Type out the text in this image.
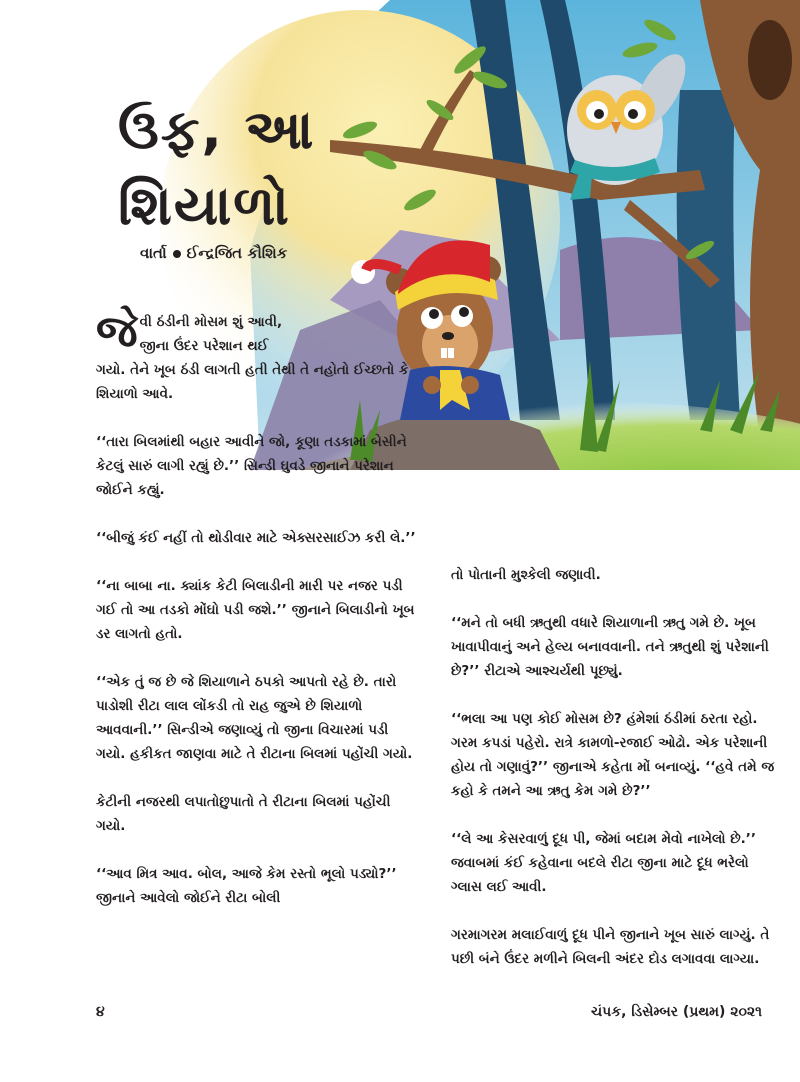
ઉફ, આ
શિયાળો
વાર્તા ઈન્દ્રજિત કૌશિક

જેવી ઠંડીની મોસમ શું આવી,

જીના ઉંદર પરેશાન થઈ
ગયો. તેને ખૂબ ઠંડી લાગતી હતી તેથી તે નહોતો ઈચ્છતો કે શિયાળો આવે.

‘‘તારા બિલમાંથી બહાર આવીને જો, કૂણા તડકામાં બેસીને કેટલું સારું લાગી રહ્યું છે.’’ સિન્ડી ઘુવડે જીનાને પરેશાન જોઈને કહ્યું.

‘‘બીજું કંઈ નહીં તો થોડીવાર માટે એક્સરસાઈઝ કરી લે.’’

‘‘ના બાબા ના. ક્યાંક કેટી બિલાડીની મારી પર નજર પડી ગઈ તો આ તડકો મોંઘો પડી જશે.’’ જીનાને બિલાડીનો ખૂબ ડર લાગતો હતો.

‘‘એક તું જ છે જે શિયાળાને ઠપકો આપતો રહે છે. તારો પાડોશી રીટા લાલ લોંકડી તો રાહ જુએ છે શિયાળો આવવાની.’’ સિન્ડીએ જણાવ્યું તો જીના વિચારમાં પડી ગયો. હકીકત જાણવા માટે તે રીટાના બિલમાં પહોંચી ગયો.

કેટીની નજરથી લપાતોછુપાતો તે રીટાના બિલમાં પહોંચી ગયો.

‘‘આવ મિત્ર આવ. બોલ, આજે કેમ રસ્તો ભૂલો પડ્યો?’’ જીનાને આવેલો જોઈને રીટા બોલી

તો પોતાની મુશ્કેલી જણાવી.

‘‘મને તો બધી ઋતુથી વધારે શિયાળાની ઋતુ ગમે છે. ખૂબ ખાવાપીવાનું અને હેલ્ય બનાવવાની. તને ઋતુથી શું પરેશાની છે?’’ રીટાએ આશ્ચર્યથી પૂછ્યું.

‘‘ભલા આ પણ કોઈ મોસમ છે? હંમેશાં ઠંડીમાં ઠરતા રહો. ગરમ કપડાં પહેરો. રાત્રે કામળો-રજાઈ ઓઢો. એક પરેશાની હોય તો ગણાવું?’’ જીનાએ કહેતા મોં બનાવ્યું. ‘‘હવે તમે જ કહો કે તમને આ ઋતુ કેમ ગમે છે?’’

‘‘લે આ કેસરવાળું દૂધ પી, જેમાં બદામ મેવો નાખેલો છે.’’ જવાબમાં કંઈ કહેવાના બદલે રીટા જીના માટે દૂધ ભરેલો ગ્લાસ લઈ આવી.

ગરમાગરમ મલાઈવાળું દૂધ પીને જીનાને ખૂબ સારું લાગ્યું. તે પછી બંને ઉંદર મળીને બિલની અંદર દોડ લગાવવા લાગ્યા.

૪	ચંપક, ડિસેમ્બર (પ્રથમ) ૨૦૨૧
